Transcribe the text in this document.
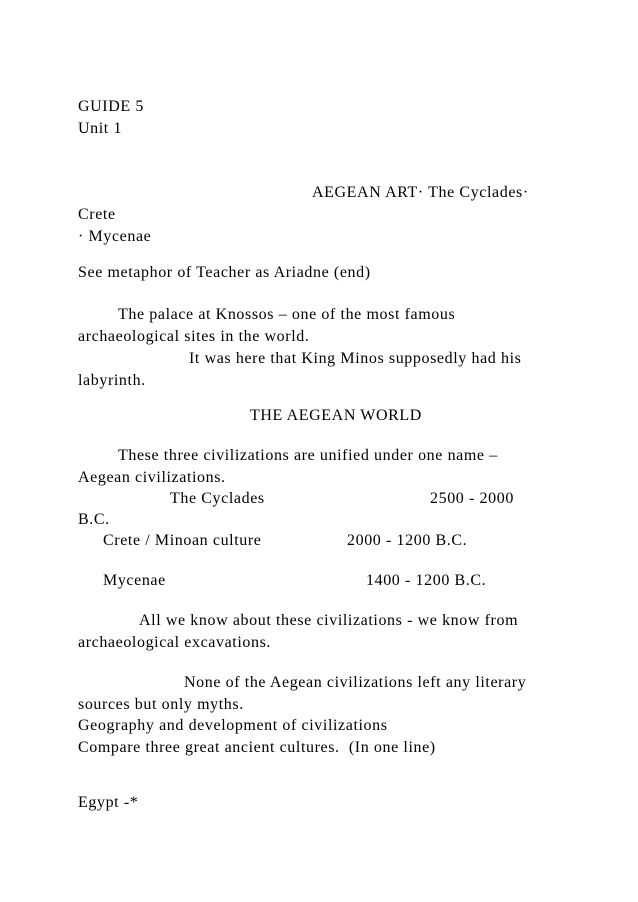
GUIDE 5
Unit 1
AEGEAN ART· The Cyclades·
Crete
· Mycenae
See metaphor of Teacher as Ariadne (end)
The palace at Knossos – one of the most famous
archaeological sites in the world.
It was here that King Minos supposedly had his
labyrinth.
THE AEGEAN WORLD
These three civilizations are unified under one name –
Aegean civilizations.
The Cyclades	2500 - 2000
B.C.
Crete / Minoan culture	2000 - 1200 B.C.
Mycenae	1400 - 1200 B.C.
All we know about these civilizations - we know from
archaeological excavations.
None of the Aegean civilizations left any literary
sources but only myths.
Geography and development of civilizations
Compare three great ancient cultures.  (In one line)
Egypt -*
